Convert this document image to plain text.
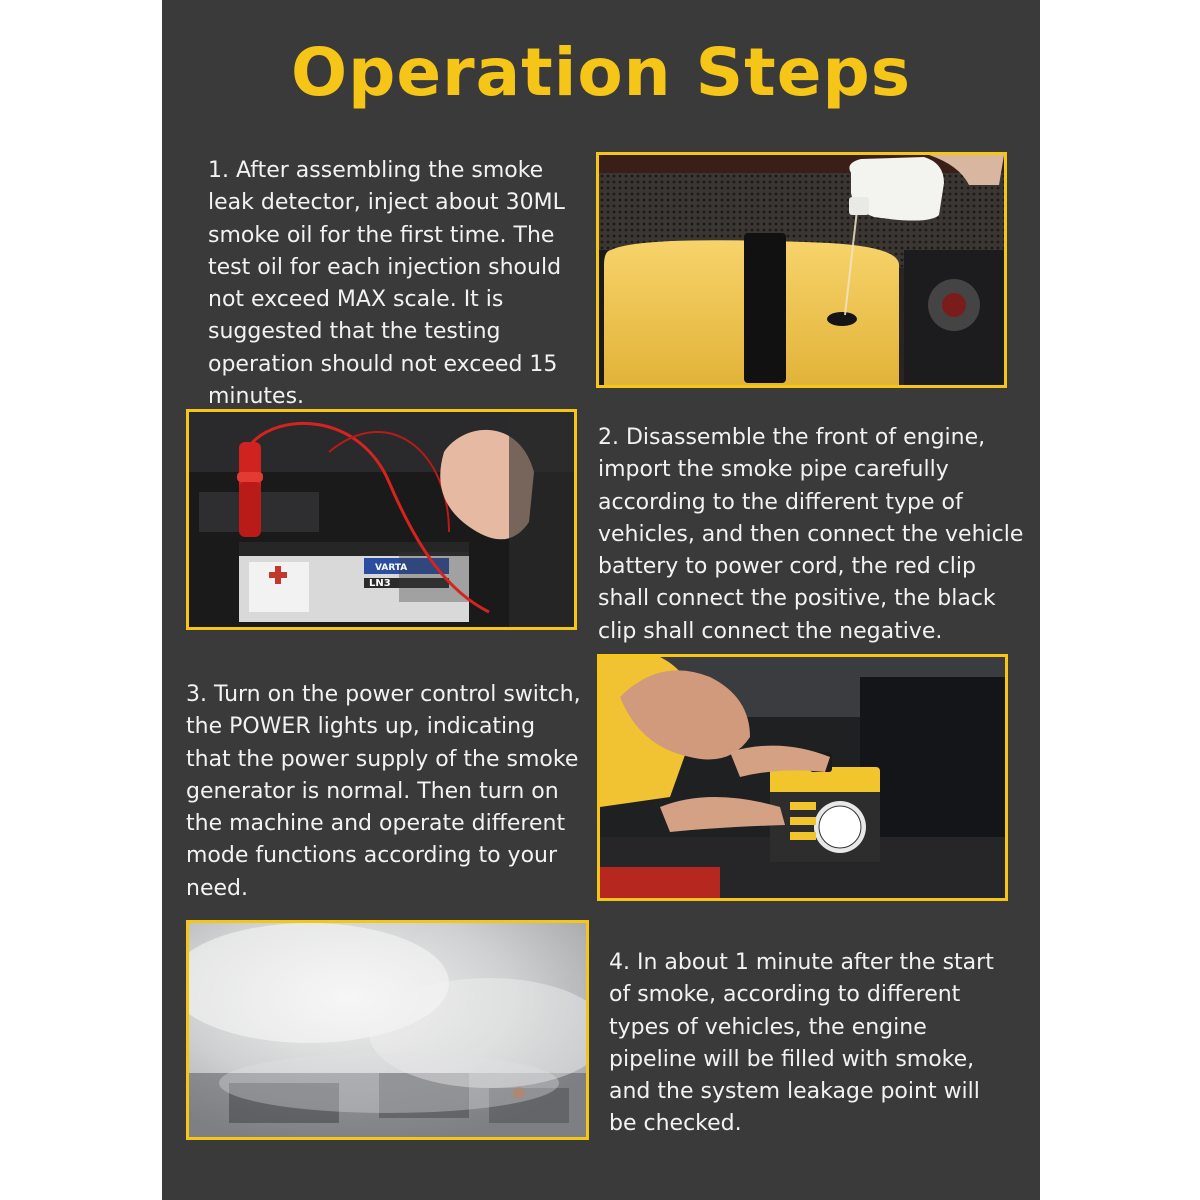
Operation Steps

1. After assembling the smoke leak detector, inject about 30ML smoke oil for the first time. The test oil for each injection should not exceed MAX scale. It is suggested that the testing operation should not exceed 15 minutes.

VARTA
LN3

2. Disassemble the front of engine, import the smoke pipe carefully according to the different type of vehicles, and then connect the vehicle battery to power cord, the red clip shall connect the positive, the black clip shall connect the negative.

3. Turn on the power control switch, the POWER lights up, indicating that the power supply of the smoke generator is normal. Then turn on the machine and operate different mode functions according to your need.

4. In about 1 minute after the start of smoke, according to different types of vehicles, the engine pipeline will be filled with smoke, and the system leakage point will be checked.
